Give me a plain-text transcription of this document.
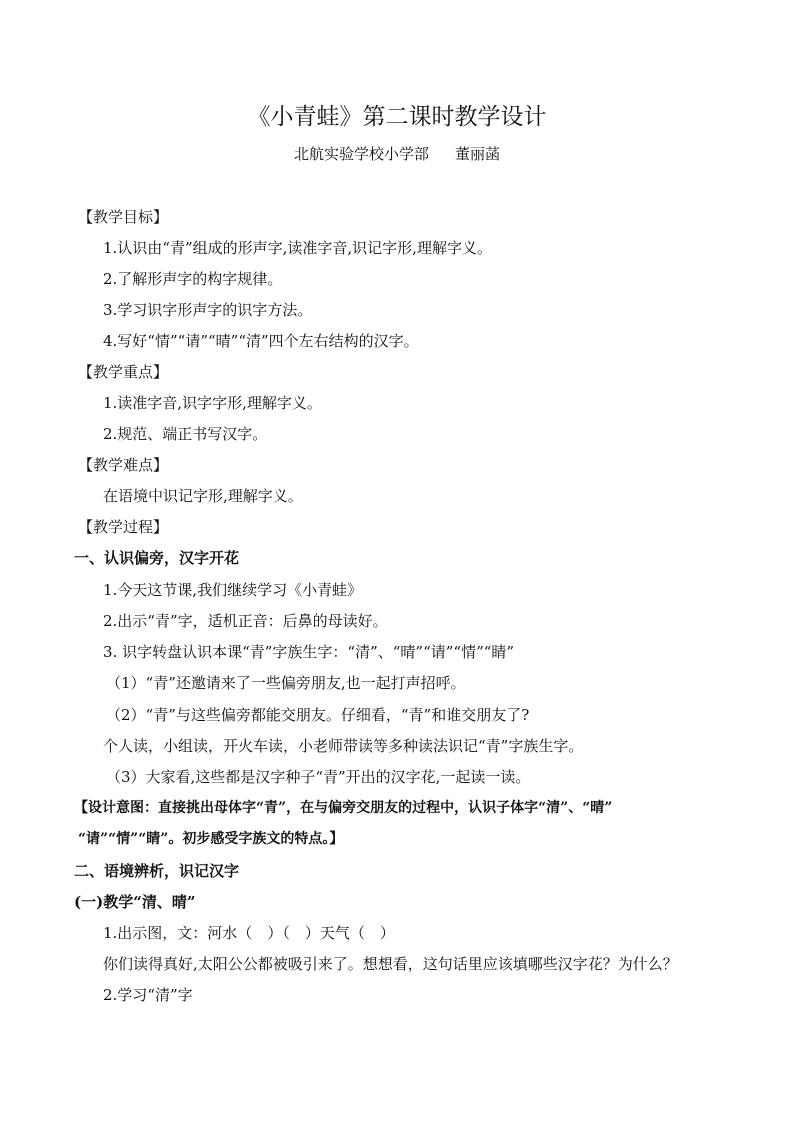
《小青蛙》第二课时教学设计
北航实验学校小学部 董丽菡
【教学目标】
1.认识由“青”组成的形声字,读准字音,识记字形,理解字义。
2.了解形声字的构字规律。
3.学习识字形声字的识字方法。
4.写好“情”“请”“晴”“清”四个左右结构的汉字。
【教学重点】
1.读准字音,识字字形,理解字义。
2.规范、端正书写汉字。
【教学难点】
在语境中识记字形,理解字义。
【教学过程】
一、认识偏旁，汉字开花
1.今天这节课,我们继续学习《小青蛙》
2.出示“青”字，适机正音：后鼻的母读好。
3. 识字转盘认识本课“青”字族生字：“清”、“晴”“请”“情”“睛”
（1）“青”还邀请来了一些偏旁朋友,也一起打声招呼。
（2）“青”与这些偏旁都能交朋友。仔细看，“青”和谁交朋友了?
个人读，小组读，开火车读，小老师带读等多种读法识记“青”字族生字。
（3）大家看,这些都是汉字种子“青”开出的汉字花,一起读一读。
【设计意图：直接挑出母体字“青”，在与偏旁交朋友的过程中，认识子体字“清”、“晴”
“请”“情”“睛”。初步感受字族文的特点。】
二、语境辨析，识记汉字
(一)教学“清、晴”
1.出示图，文：河水（　）（　）天气（　）
你们读得真好,太阳公公都被吸引来了。想想看，这句话里应该填哪些汉字花？为什么？
2.学习“清”字
